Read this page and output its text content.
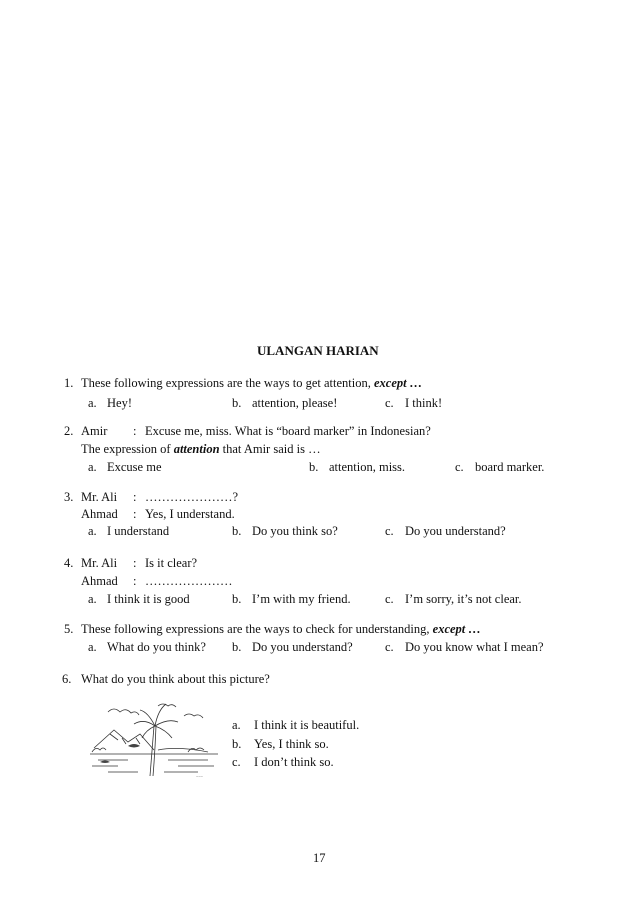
ULANGAN HARIAN
1. These following expressions are the ways to get attention, except …
a. Hey!	b. attention, please!	c. I think!
2. Amir : Excuse me, miss. What is “board marker” in Indonesian?
The expression of attention that Amir said is …
a. Excuse me	b. attention, miss.	c. board marker.
3. Mr. Ali : …………………?
Ahmad : Yes, I understand.
a. I understand	b. Do you think so?	c. Do you understand?
4. Mr. Ali : Is it clear?
Ahmad : …………………
a. I think it is good	b. I’m with my friend.	c. I’m sorry, it’s not clear.
5. These following expressions are the ways to check for understanding, except …
a. What do you think? b. Do you understand?	c. Do you know what I mean?
6. What do you think about this picture?
~~~
a. I think it is beautiful.
b. Yes, I think so.
c. I don’t think so.
17
